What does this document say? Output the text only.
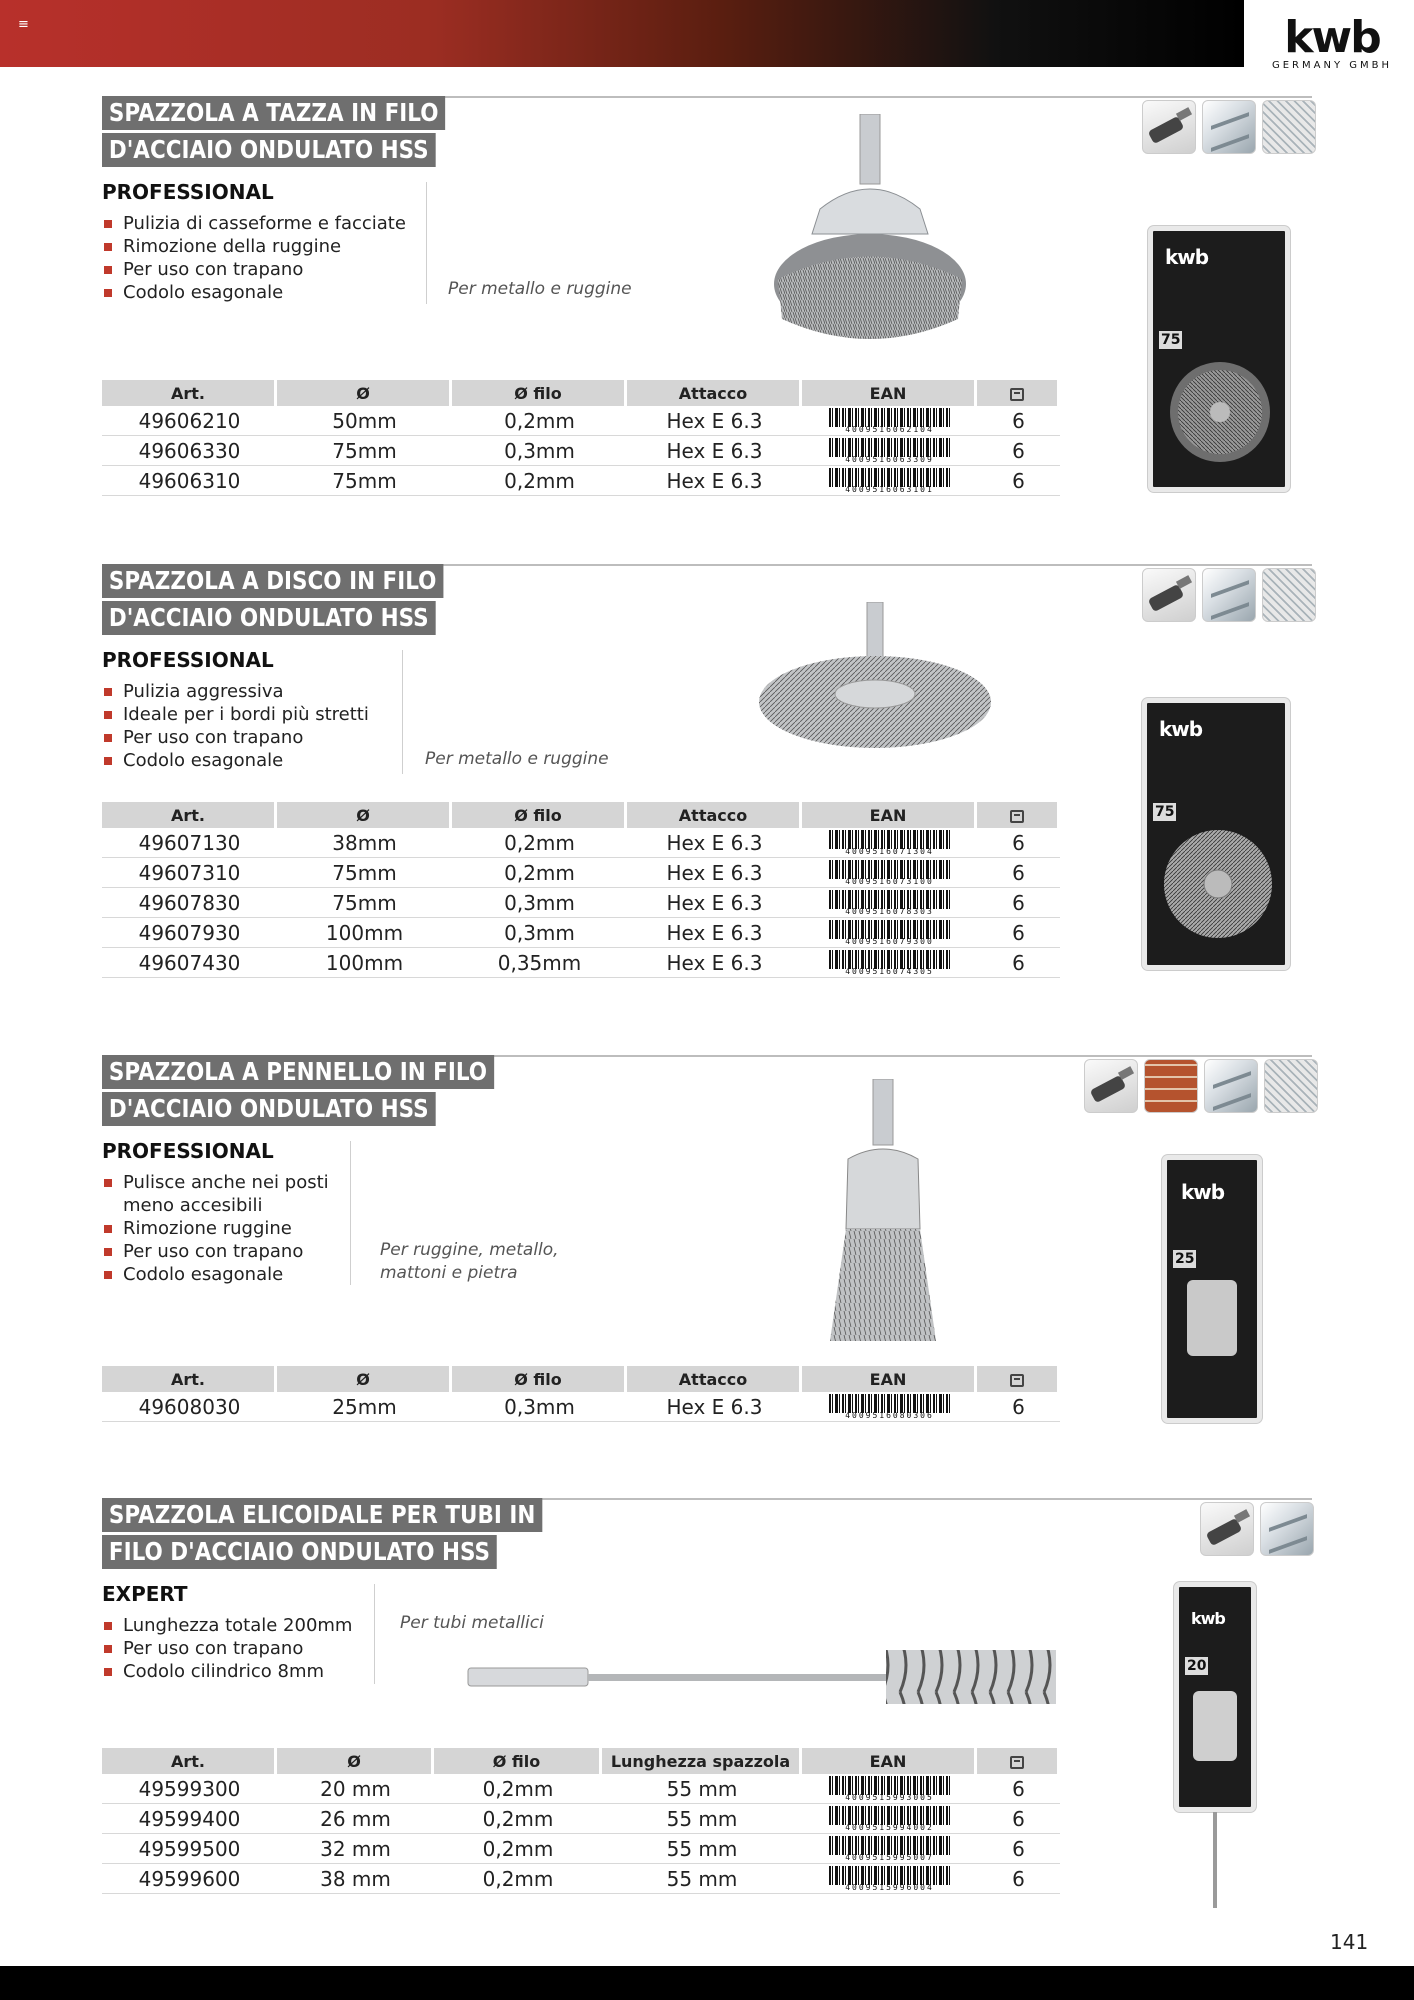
≡	kwb
GERMANY GMBH
SPAZZOLA A TAZZA IN FILO
D'ACCIAIO ONDULATO HSS
PROFESSIONAL
Pulizia di casseforme e facciate
Rimozione della ruggine
Per uso con trapano
Codolo esagonale	Per metallo e ruggine
kwb
75
Art.	Ø	Ø filo	Attacco	EAN	
49606210	50mm	0,2mm	Hex E 6.3	4009516062104	6
49606330	75mm	0,3mm	Hex E 6.3	4009516063309	6
49606310	75mm	0,2mm	Hex E 6.3	4009516063101	6
SPAZZOLA A DISCO IN FILO
D'ACCIAIO ONDULATO HSS
PROFESSIONAL
Pulizia aggressiva
Ideale per i bordi più stretti
Per uso con trapano
Codolo esagonale	Per metallo e ruggine
kwb
75
Art.	Ø	Ø filo	Attacco	EAN	
49607130	38mm	0,2mm	Hex E 6.3	4009516071304	6
49607310	75mm	0,2mm	Hex E 6.3	4009516073100	6
49607830	75mm	0,3mm	Hex E 6.3	4009516078303	6
49607930	100mm	0,3mm	Hex E 6.3	4009516079300	6
49607430	100mm	0,35mm	Hex E 6.3	4009516074305	6
SPAZZOLA A PENNELLO IN FILO
D'ACCIAIO ONDULATO HSS
PROFESSIONAL
Pulisce anche nei posti meno accesibili
Rimozione ruggine
Per uso con trapano
Codolo esagonale
Per ruggine, metallo, mattoni e pietra
kwb
25
Art.	Ø	Ø filo	Attacco	EAN	
49608030	25mm	0,3mm	Hex E 6.3	4009516080306	6
SPAZZOLA ELICOIDALE PER TUBI IN
FILO D'ACCIAIO ONDULATO HSS
EXPERT
Lunghezza totale 200mm
Per uso con trapano
Codolo cilindrico 8mm
Per tubi metallici	kwb
20
Art.	Ø	Ø filo	Lunghezza spazzola	EAN	
49599300	20 mm	0,2mm	55 mm	4009515993005	6
49599400	26 mm	0,2mm	55 mm	4009515994002	6
49599500	32 mm	0,2mm	55 mm	4009515995007	6
49599600	38 mm	0,2mm	55 mm	4009515996004	6
141
